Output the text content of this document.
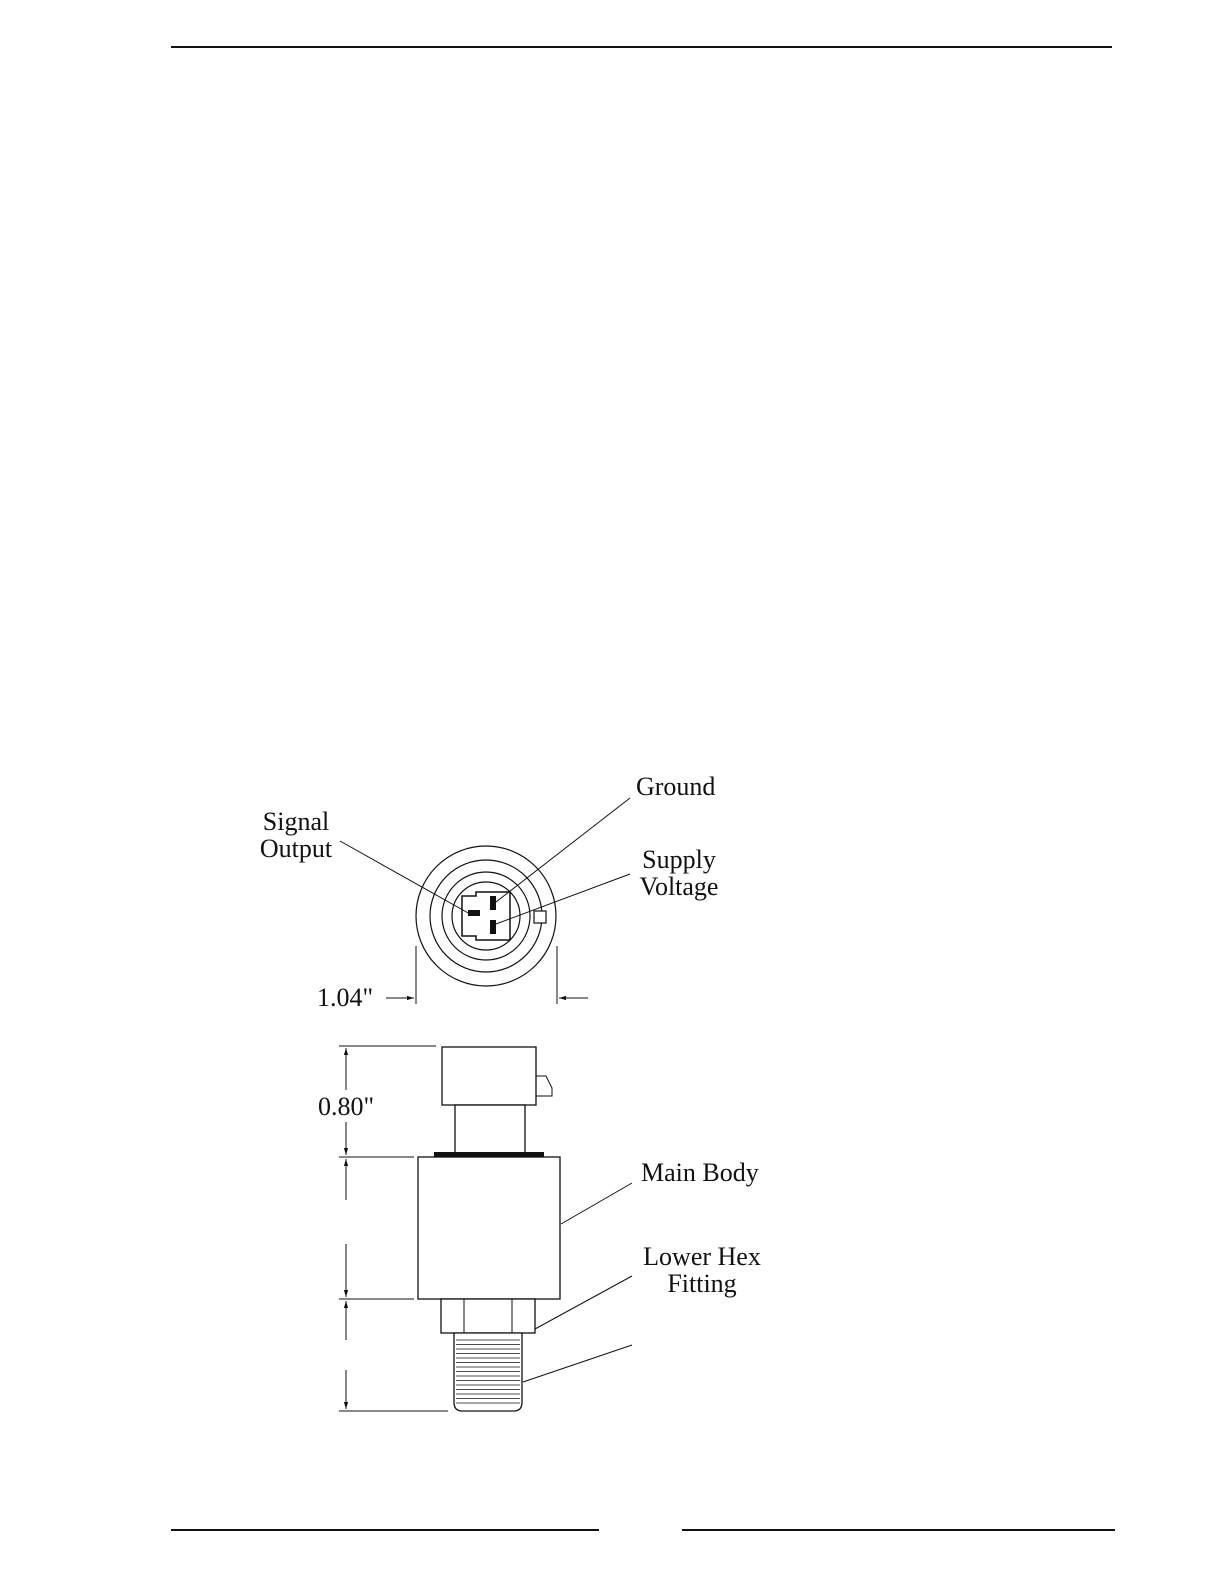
Signal
Output
Ground
Supply
Voltage
1.04"
Main Body
Lower Hex
Fitting
0.80"
